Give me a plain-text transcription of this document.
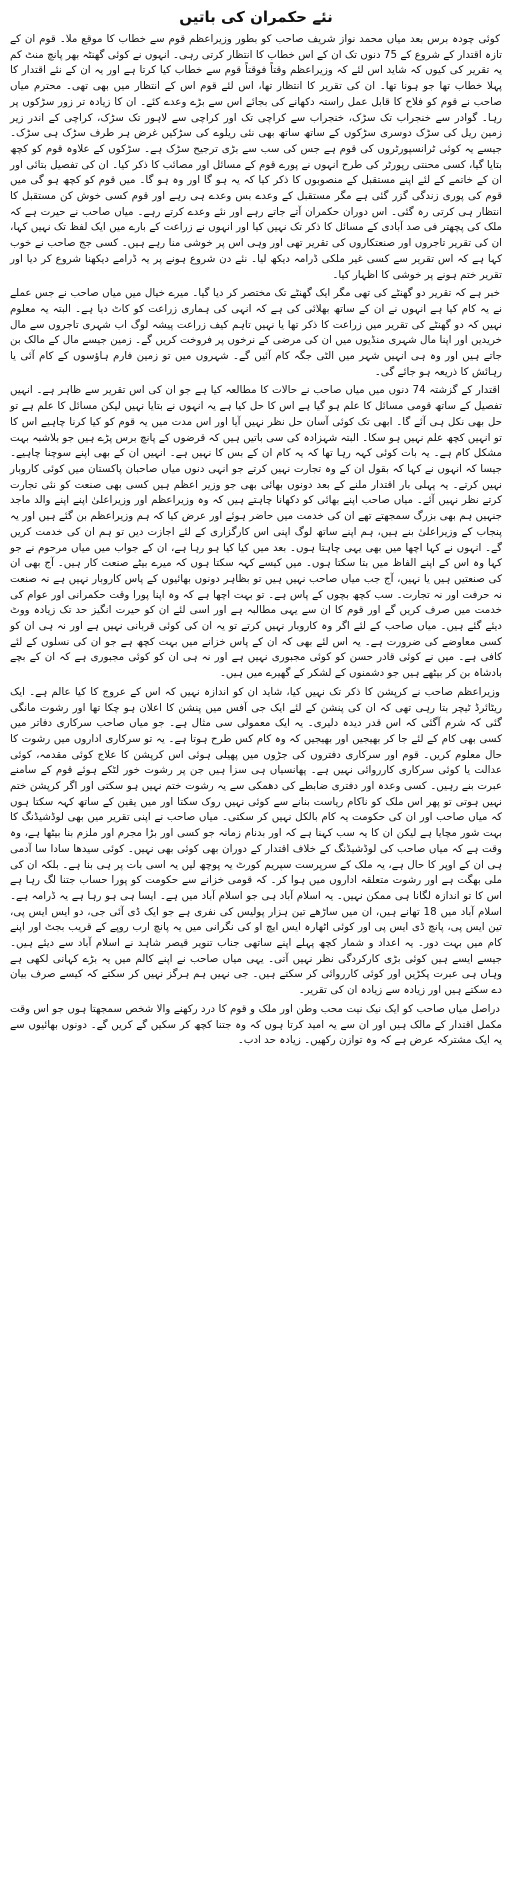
نئے حکمران کی باتیں

کوئی چودہ برس بعد میاں محمد نواز شریف صاحب کو بطور وزیراعظم قوم سے خطاب کا موقع ملا۔ قوم ان کے تازہ اقتدار کے شروع کے 75 دنوں تک ان کے اس خطاب کا انتظار کرتی رہی۔ انہوں نے کوئی گھنٹہ بھر پانچ منٹ کم یہ تقریر کی کیوں کہ شاید اس لئے کہ وزیراعظم وقتاً فوقتاً قوم سے خطاب کیا کرتا ہے اور یہ ان کے نئے اقتدار کا پہلا خطاب تھا جو ہونا تھا۔ ان کی تقریر کا انتظار تھا، اس لئے قوم اس کے انتظار میں بھی تھی۔ محترم میاں صاحب نے قوم کو فلاح کا قابل عمل راستہ دکھانے کی بجائے اس سے بڑے وعدے کئے۔ ان کا زیادہ تر زور سڑکوں پر رہا۔ گوادر سے خنجراب تک سڑک، خنجراب سے کراچی تک اور کراچی سے لاہور تک سڑک، کراچی کے اندر زیر زمین ریل کی سڑک دوسری سڑکوں کے ساتھ ساتھ بھی نئی ریلوے کی سڑکیں غرض ہر طرف سڑک ہی سڑک۔ جیسے یہ کوئی ٹرانسپورٹروں کی قوم ہے جس کی سب سے بڑی ترجیح سڑک ہے۔ سڑکوں کے علاوہ قوم کو کچھ بتایا گیا، کسی محنتی رپورٹر کی طرح انہوں نے پورے قوم کے مسائل اور مصائب کا ذکر کیا۔ ان کی تفصیل بتائی اور ان کے خاتمے کے لئے اپنے مستقبل کے منصوبوں کا ذکر کیا کہ یہ ہو گا اور وہ ہو گا۔ میں قوم کو کچھ ہو گی میں قوم کی پوری زندگی گزر گئی ہے مگر مستقبل کے وعدے بس وعدے ہی رہے اور قوم کسی خوش کن مستقبل کا انتظار ہی کرتی رہ گئی۔ اس دوران حکمران آتے جاتے رہے اور نئے وعدے کرتے رہے۔ میاں صاحب نے حیرت ہے کہ ملک کی پچھتر فی صد آبادی کے مسائل کا ذکر تک نہیں کیا اور انہوں نے زراعت کے بارے میں ایک لفظ تک نہیں کہا، ان کی تقریر تاجروں اور صنعتکاروں کی تقریر تھی اور وہی اس پر خوشی منا رہے ہیں۔ کسی جج صاحب نے خوب کہا ہے کہ اس تقریر سے کسی غیر ملکی ڈرامہ دیکھ لیا۔ نئے دن شروع ہونے پر یہ ڈرامے دیکھنا شروع کر دیا اور تقریر ختم ہونے پر خوشی کا اظہار کیا۔

خبر ہے کہ تقریر دو گھنٹے کی تھی مگر ایک گھنٹے تک مختصر کر دیا گیا۔ میرے خیال میں میاں صاحب نے جس عملے نے یہ کام کیا ہے انہوں نے ان کے ساتھ بھلائی کی ہے کہ انہی کی ہماری زراعت کو کاٹ دیا ہے۔ البتہ یہ معلوم نہیں کہ دو گھنٹے کی تقریر میں زراعت کا ذکر تھا یا نہیں تاہم کیف زراعت پیشہ لوگ اب شہری تاجروں سے مال خریدیں اور اپنا مال شہری منڈیوں میں ان کی مرضی کے نرخوں پر فروخت کریں گے۔ زمین جیسے مال کے مالک بن جاتے ہیں اور وہ ہی انہیں شہر میں الٹی جگہ کام آئیں گے۔ شہروں میں تو زمین فارم ہاؤسوں کے کام آئی یا رہائش کا ذریعہ ہو جائے گی۔

اقتدار کے گزشتہ 74 دنوں میں میاں صاحب نے حالات کا مطالعہ کیا ہے جو ان کی اس تقریر سے ظاہر ہے۔ انہیں تفصیل کے ساتھ قومی مسائل کا علم ہو گیا ہے اس کا حل کیا ہے یہ انہوں نے بتایا نہیں لیکن مسائل کا علم ہے تو حل بھی نکل ہی آئے گا۔ ابھی تک کوئی آسان حل نظر نہیں آیا اور اس مدت میں یہ قوم کو کیا کرنا چاہیے اس کا تو انہیں کچھ علم نہیں ہو سکا۔ البتہ شہزادہ کی سی باتیں ہیں کہ قرضوں کے پانچ برس پڑے ہیں جو بلاشبہ بہت مشکل کام ہے۔ یہ بات کوئی کہہ رہا تھا کہ یہ کام ان کے بس کا نہیں ہے۔ انہیں ان کے بھی اپنے سوچنا چاہیے۔ جیسا کہ انہوں نے کہا کہ بقول ان کے وہ تجارت نہیں کرتے جو انہی دنوں میاں صاحبان پاکستان میں کوئی کاروبار نہیں کرتے۔ یہ پہلی بار اقتدار ملنے کے بعد دونوں بھائی بھی جو وزیر اعظم ہیں کسی بھی صنعت کو نئی تجارت کرتے نظر نہیں آئے۔ میاں صاحب اپنے بھائی کو دکھانا چاہتے ہیں کہ وہ وزیراعظم اور وزیراعلیٰ اپنے اپنے والد ماجد جنہیں ہم بھی بزرگ سمجھتے تھے ان کی خدمت میں حاضر ہوئے اور عرض کیا کہ ہم وزیراعظم بن گئے ہیں اور یہ پنجاب کے وزیراعلیٰ بنے ہیں، ہم اپنے ساتھ لوگ اپنی اس کارگزاری کے لئے اجازت دیں تو ہم ان کی خدمت کریں گے۔ انہوں نے کہا اچھا میں بھی یہی چاہتا ہوں۔ بعد میں کیا کیا ہو رہا ہے، ان کے جواب میں میاں مرحوم نے جو کہا وہ اس کے اپنے الفاظ میں بتا سکتا ہوں۔ میں کیسے کہہ سکتا ہوں کہ میرے بیٹے صنعت کار ہیں۔ آج بھی ان کی صنعتیں ہیں یا نہیں، آج جب میاں صاحب نہیں ہیں تو بظاہر دونوں بھائیوں کے پاس کاروبار نہیں ہے نہ صنعت نہ حرفت اور نہ تجارت۔ سب کچھ بچوں کے پاس ہے۔ تو بہت اچھا ہے کہ وہ اپنا پورا وقت حکمرانی اور عوام کی خدمت میں صرف کریں گے اور قوم کا ان سے یہی مطالبہ ہے اور اسی لئے ان کو حیرت انگیز حد تک زیادہ ووٹ دیئے گئے ہیں۔ میاں صاحب کے لئے اگر وہ کاروبار نہیں کرتے تو یہ ان کی کوئی قربانی نہیں ہے اور نہ ہی ان کو کسی معاوضے کی ضرورت ہے۔ یہ اس لئے بھی کہ ان کے پاس خزانے میں بہت کچھ ہے جو ان کی نسلوں کے لئے کافی ہے۔ میں نے کوئی قادر حسن کو کوئی مجبوری نہیں ہے اور نہ ہی ان کو کوئی مجبوری ہے کہ ان کے بچے بادشاہ بن کر بیٹھے ہیں جو دشمنوں کے لشکر کے گھیرے میں ہیں۔

وزیراعظم صاحب نے کرپشن کا ذکر تک نہیں کیا، شاید ان کو اندازہ نہیں کہ اس کے عروج کا کیا عالم ہے۔ ایک ریٹائرڈ ٹیچر بتا رہی تھی کہ ان کی پنشن کے لئے ایک جی آفس میں پنشن کا اعلان ہو چکا تھا اور رشوت مانگی گئی کہ شرم آگئی کہ اس قدر دیدہ دلیری۔ یہ ایک معمولی سی مثال ہے۔ جو میاں صاحب سرکاری دفاتر میں کسی بھی کام کے لئے جا کر بھیجیں اور بھیجیں کہ وہ کام کس طرح ہوتا ہے۔ یہ تو سرکاری اداروں میں رشوت کا حال معلوم کریں۔ قوم اور سرکاری دفتروں کی جڑوں میں پھیلی ہوئی اس کرپشن کا علاج کوئی مقدمہ، کوئی عدالت یا کوئی سرکاری کارروائی نہیں ہے۔ پھانسیاں ہی سزا ہیں جن پر رشوت خور لٹکے ہوئے قوم کے سامنے عبرت بنے رہیں۔ کسی وعدہ اور دفتری ضابطے کی دھمکی سے یہ رشوت ختم نہیں ہو سکتی اور اگر کرپشن ختم نہیں ہوتی تو پھر اس ملک کو ناکام ریاست بنانے سے کوئی نہیں روک سکتا اور میں یقین کے ساتھ کہہ سکتا ہوں کہ میاں صاحب اور ان کی حکومت یہ کام بالکل نہیں کر سکتی۔ میاں صاحب نے اپنی تقریر میں بھی لوڈشیڈنگ کا بہت شور مچایا ہے لیکن ان کا یہ سب کہنا ہے کہ اور بدنام زمانہ جو کسی اور بڑا مجرم اور ملزم بنا بیٹھا ہے، وہ وقت ہے کہ میاں صاحب کی لوڈشیڈنگ کے خلاف اقتدار کے دوران بھی کوئی بھی نہیں۔ کوئی سیدھا سادا سا آدمی ہی ان کے اوپر کا حال ہے، یہ ملک کے سرپرست سپریم کورٹ یہ پوچھ لیں یہ اسی بات پر ہی بنا ہے۔ بلکہ ان کی ملی بھگت ہے اور رشوت متعلقہ اداروں میں ہوا کر۔ کہ قومی خزانے سے حکومت کو پورا حساب جتنا لگ رہا ہے اس کا تو اندازہ لگانا ہی ممکن نہیں۔ یہ اسلام آباد ہی جو اسلام آباد میں ہے۔ ایسا ہی ہو رہا ہے یہ ڈرامہ ہے۔ اسلام آباد میں 18 تھانے ہیں، ان میں ساڑھے تین ہزار پولیس کی نفری ہے جو ایک ڈی آئی جی، دو ایس ایس پی، تین ایس پی، پانچ ڈی ایس پی اور کوئی اٹھارہ ایس ایچ او کی نگرانی میں یہ پانچ ارب روپے کے قریب بجٹ اور اپنے کام میں بہت دور۔ یہ اعداد و شمار کچھ پہلے اپنے ساتھی جناب تنویر قیصر شاہد نے اسلام آباد سے دیئے ہیں۔ جیسے ایسے ہیں کوئی بڑی کارکردگی نظر نہیں آتی۔ یہی میاں صاحب نے اپنے کالم میں یہ بڑے کہانی لکھی ہے وہاں ہی عبرت پکڑیں اور کوئی کارروائی کر سکتے ہیں۔ جی نہیں ہم ہرگز نہیں کر سکتے کہ کیسے صرف بیان دے سکتے ہیں اور زیادہ سے زیادہ ان کی تقریر۔

دراصل میاں صاحب کو ایک نیک نیت محب وطن اور ملک و قوم کا درد رکھنے والا شخص سمجھتا ہوں جو اس وقت مکمل اقتدار کے مالک ہیں اور ان سے یہ امید کرتا ہوں کہ وہ جتنا کچھ کر سکیں گے کریں گے۔ دونوں بھائیوں سے یہ ایک مشترکہ عرض ہے کہ وہ توازن رکھیں۔ زیادہ حد ادب۔
